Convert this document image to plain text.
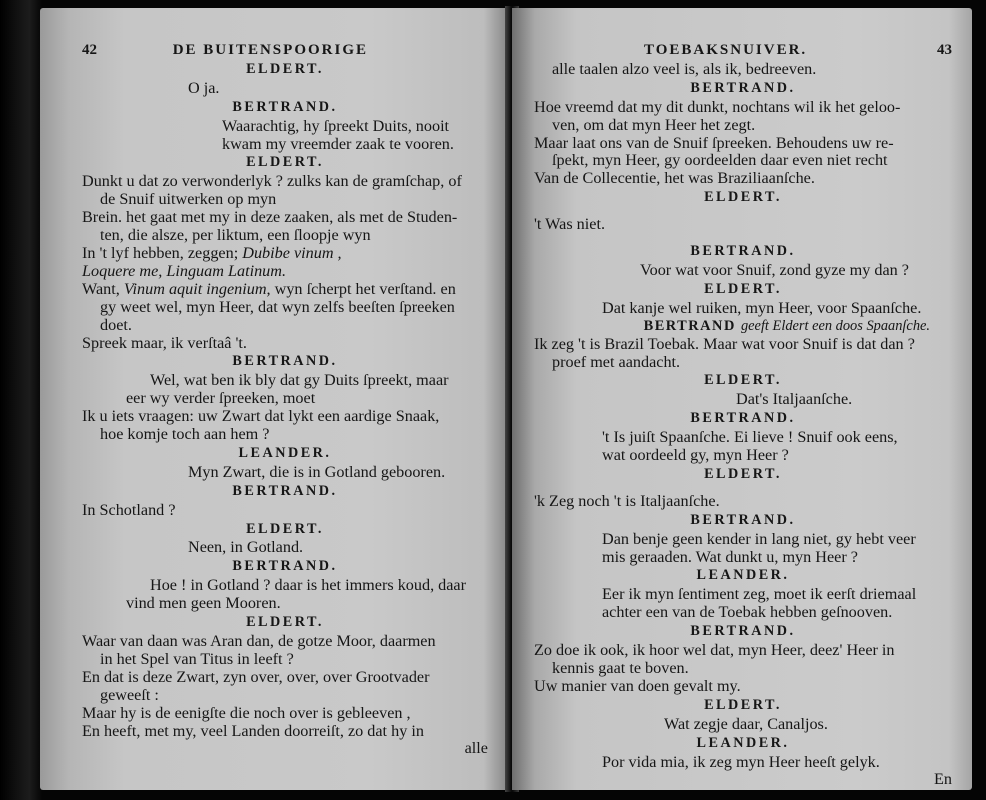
42	DE BUITENSPOORIGE
ELDERT.
O ja.
BERTRAND.
Waarachtig, hy ſpreekt Duits, nooit
kwam my vreemder zaak te vooren.
ELDERT.
Dunkt u dat zo verwonderlyk ? zulks kan de gramſchap, of
de Snuif uitwerken op myn
Brein. het gaat met my in deze zaaken, als met de Studen-
ten, die alsze, per liktum, een ſloopje wyn
In 't lyf hebben, zeggen; Dubibe vinum ,
Loquere me, Linguam Latinum.
Want, Vinum aquit ingenium, wyn ſcherpt het verſtand. en
gy weet wel, myn Heer, dat wyn zelfs beeſten ſpreeken
doet.
Spreek maar, ik verſtaâ 't.
BERTRAND.
Wel, wat ben ik bly dat gy Duits ſpreekt, maar
eer wy verder ſpreeken, moet
Ik u iets vraagen: uw Zwart dat lykt een aardige Snaak,
hoe komje toch aan hem ?
LEANDER.
Myn Zwart, die is in Gotland gebooren.
BERTRAND.
In Schotland ?
ELDERT.
Neen, in Gotland.
BERTRAND.
Hoe ! in Gotland ? daar is het immers koud, daar
vind men geen Mooren.
ELDERT.
Waar van daan was Aran dan, de gotze Moor, daarmen
in het Spel van Titus in leeft ?
En dat is deze Zwart, zyn over, over, over Grootvader
geweeſt :
Maar hy is de eenigſte die noch over is gebleeven ,
En heeft, met my, veel Landen doorreiſt, zo dat hy in
alle
TOEBAKSNUIVER.	43
alle taalen alzo veel is, als ik, bedreeven.
BERTRAND.
Hoe vreemd dat my dit dunkt, nochtans wil ik het geloo-
ven, om dat myn Heer het zegt.
Maar laat ons van de Snuif ſpreeken. Behoudens uw re-
ſpekt, myn Heer, gy oordeelden daar even niet recht
Van de Collecentie, het was Braziliaanſche.
ELDERT.
't Was niet.
BERTRAND.
Voor wat voor Snuif, zond gyze my dan ?
ELDERT.
Dat kanje wel ruiken, myn Heer, voor Spaanſche.
BERTRAND geeft Eldert een doos Spaanſche.
Ik zeg 't is Brazil Toebak. Maar wat voor Snuif is dat dan ?
proef met aandacht.
ELDERT.
Dat's Italjaanſche.
BERTRAND.
't Is juiſt Spaanſche. Ei lieve ! Snuif ook eens,
wat oordeeld gy, myn Heer ?
ELDERT.
'k Zeg noch 't is Italjaanſche.
BERTRAND.
Dan benje geen kender in lang niet, gy hebt veer
mis geraaden. Wat dunkt u, myn Heer ?
LEANDER.
Eer ik myn ſentiment zeg, moet ik eerſt driemaal
achter een van de Toebak hebben geſnooven.
BERTRAND.
Zo doe ik ook, ik hoor wel dat, myn Heer, deez' Heer in
kennis gaat te boven.
Uw manier van doen gevalt my.
ELDERT.
Wat zegje daar, Canaljos.
LEANDER.
Por vida mia, ik zeg myn Heer heeſt gelyk.
En
